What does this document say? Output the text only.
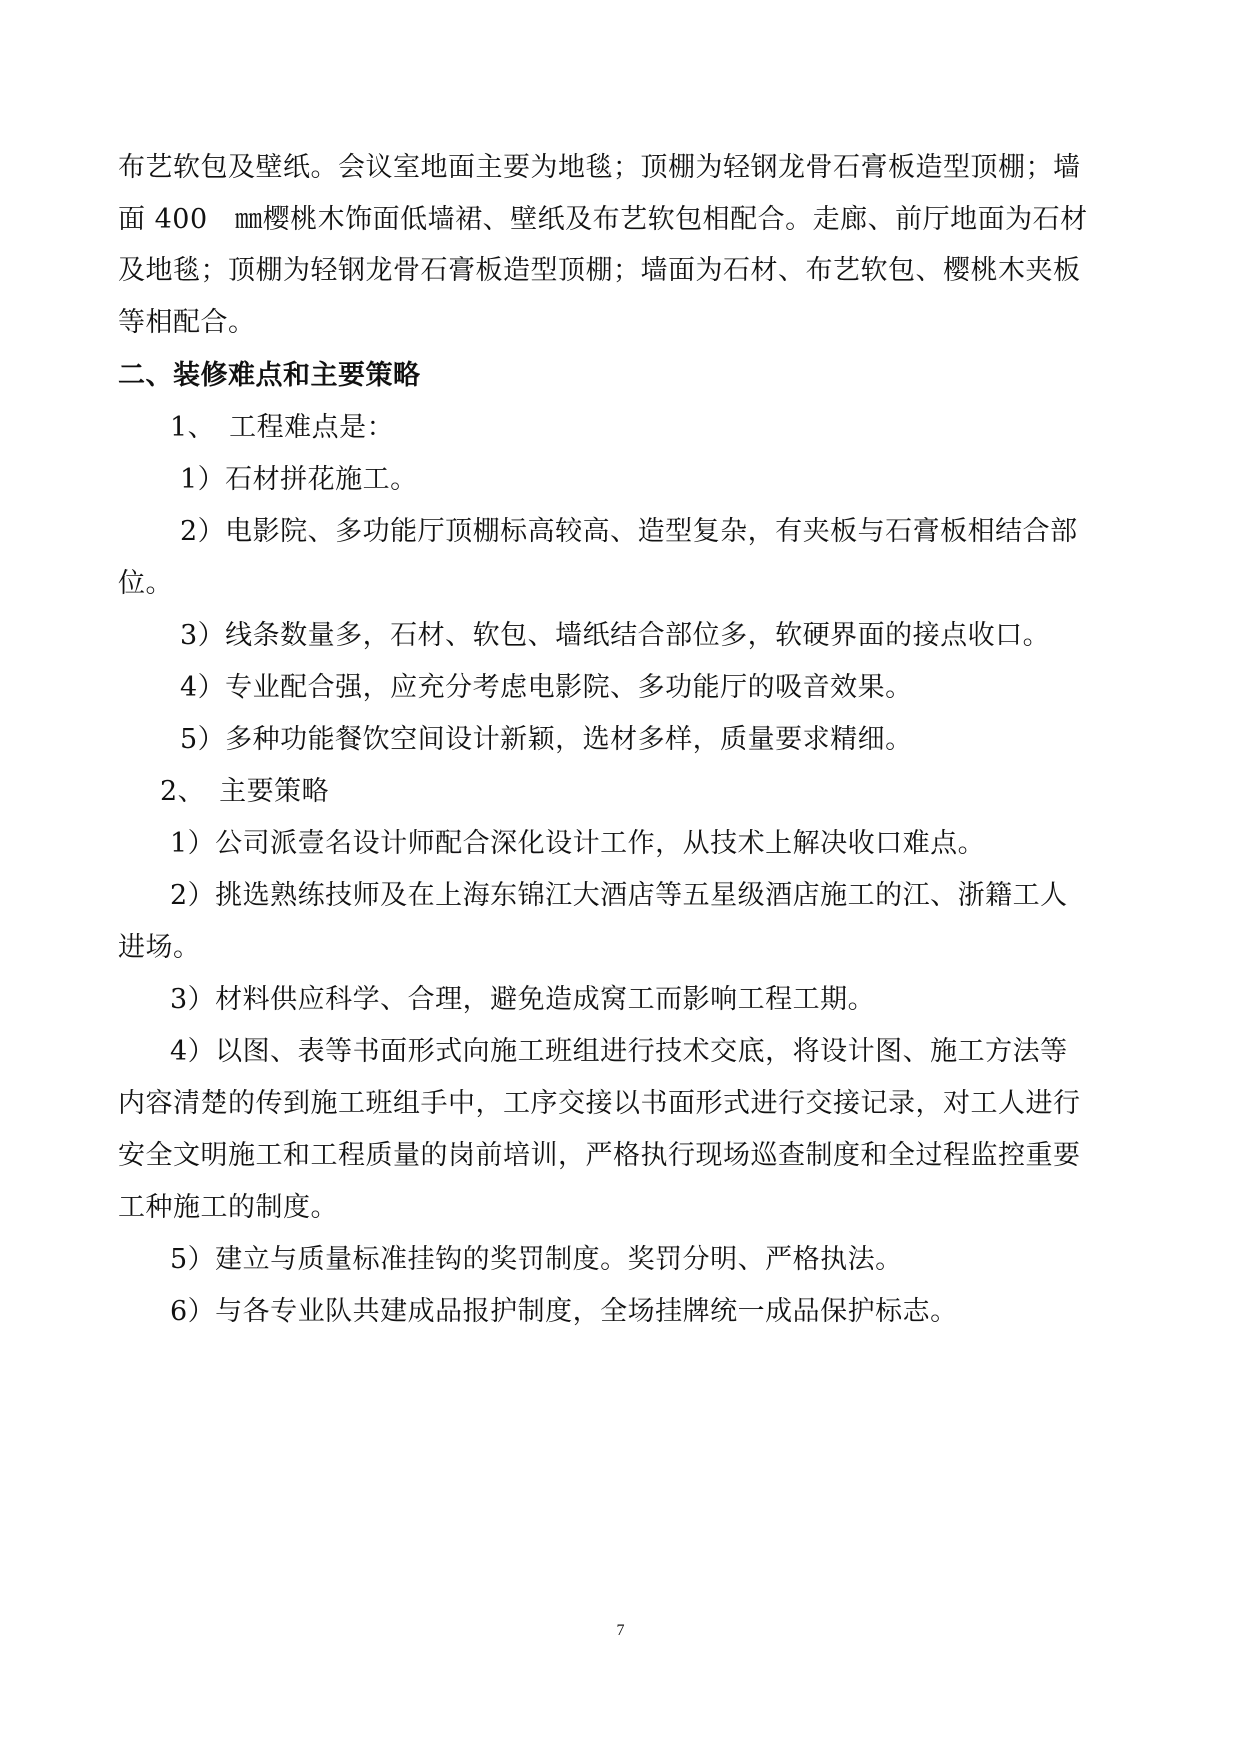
布艺软包及壁纸。会议室地面主要为地毯；顶棚为轻钢龙骨石膏板造型顶棚；墙
面 400　㎜樱桃木饰面低墙裙、壁纸及布艺软包相配合。走廊、前厅地面为石材
及地毯；顶棚为轻钢龙骨石膏板造型顶棚；墙面为石材、布艺软包、樱桃木夹板
等相配合。
二、装修难点和主要策略
1、　工程难点是：
1）石材拼花施工。
2）电影院、多功能厅顶棚标高较高、造型复杂，有夹板与石膏板相结合部
位。
3）线条数量多，石材、软包、墙纸结合部位多，软硬界面的接点收口。
4）专业配合强，应充分考虑电影院、多功能厅的吸音效果。
5）多种功能餐饮空间设计新颖，选材多样，质量要求精细。
2、　主要策略
1）公司派壹名设计师配合深化设计工作，从技术上解决收口难点。
2）挑选熟练技师及在上海东锦江大酒店等五星级酒店施工的江、浙籍工人
进场。
3）材料供应科学、合理，避免造成窝工而影响工程工期。
4）以图、表等书面形式向施工班组进行技术交底，将设计图、施工方法等
内容清楚的传到施工班组手中，工序交接以书面形式进行交接记录，对工人进行
安全文明施工和工程质量的岗前培训，严格执行现场巡查制度和全过程监控重要
工种施工的制度。
5）建立与质量标准挂钩的奖罚制度。奖罚分明、严格执法。
6）与各专业队共建成品报护制度，全场挂牌统一成品保护标志。
7
